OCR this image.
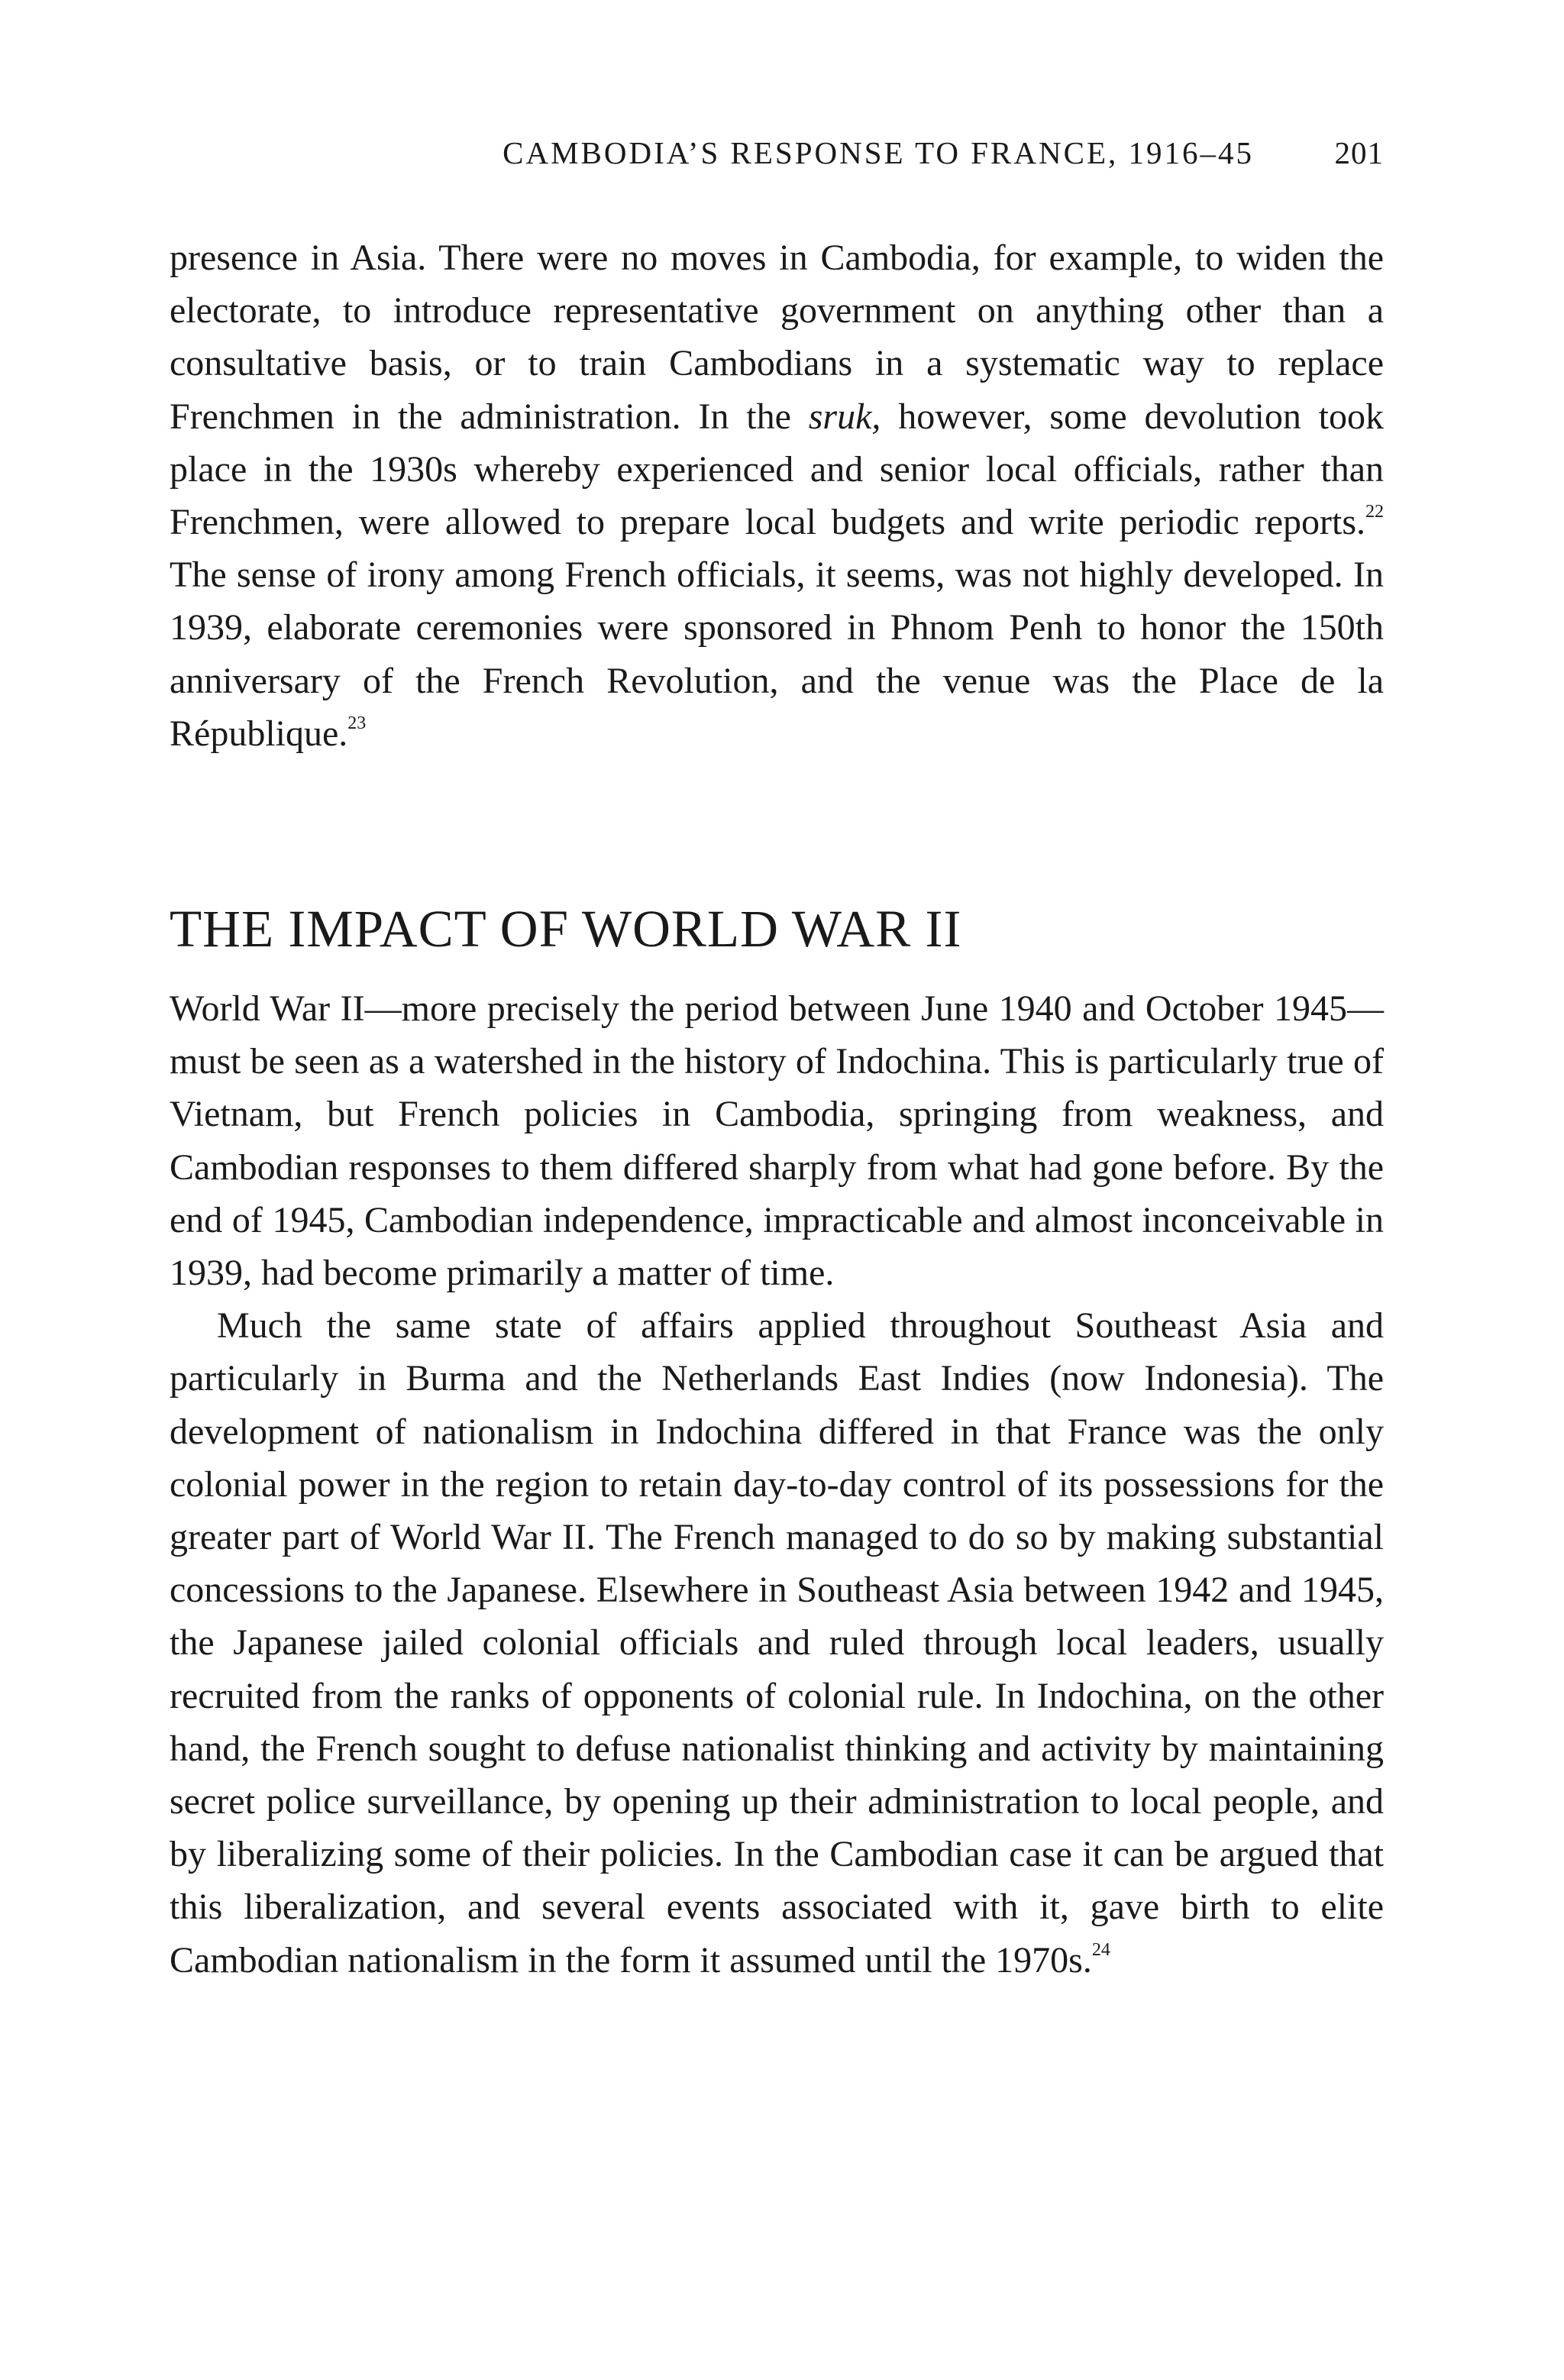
CAMBODIA’S RESPONSE TO FRANCE, 1916–45	201

presence in Asia. There were no moves in Cambodia, for example, to widen the electorate, to introduce representative government on anything other than a consultative basis, or to train Cambodians in a systematic way to replace Frenchmen in the administration. In the sruk, however, some devolution took place in the 1930s whereby experienced and senior local officials, rather than Frenchmen, were allowed to prepare local budgets and write periodic reports.$^{22}$ The sense of irony among French officials, it seems, was not highly developed. In 1939, elaborate ceremonies were sponsored in Phnom Penh to honor the 150th anniversary of the French Revolution, and the venue was the Place de la République.$^{23}$

THE IMPACT OF WORLD WAR II

World War II—more precisely the period between June 1940 and October 1945—must be seen as a watershed in the history of Indochina. This is particularly true of Vietnam, but French policies in Cambodia, springing from weakness, and Cambodian responses to them differed sharply from what had gone before. By the end of 1945, Cambodian independence, impracticable and almost inconceivable in 1939, had become primarily a matter of time.

Much the same state of affairs applied throughout Southeast Asia and particularly in Burma and the Netherlands East Indies (now Indonesia). The development of nationalism in Indochina differed in that France was the only colonial power in the region to retain day-to-day control of its possessions for the greater part of World War II. The French managed to do so by making substantial concessions to the Japanese. Elsewhere in Southeast Asia between 1942 and 1945, the Japanese jailed colonial officials and ruled through local leaders, usually recruited from the ranks of opponents of colonial rule. In Indochina, on the other hand, the French sought to defuse nationalist thinking and activity by maintaining secret police surveillance, by opening up their administration to local people, and by liberalizing some of their policies. In the Cambodian case it can be argued that this liberalization, and several events associated with it, gave birth to elite Cambodian nationalism in the form it assumed until the 1970s.$^{24}$
